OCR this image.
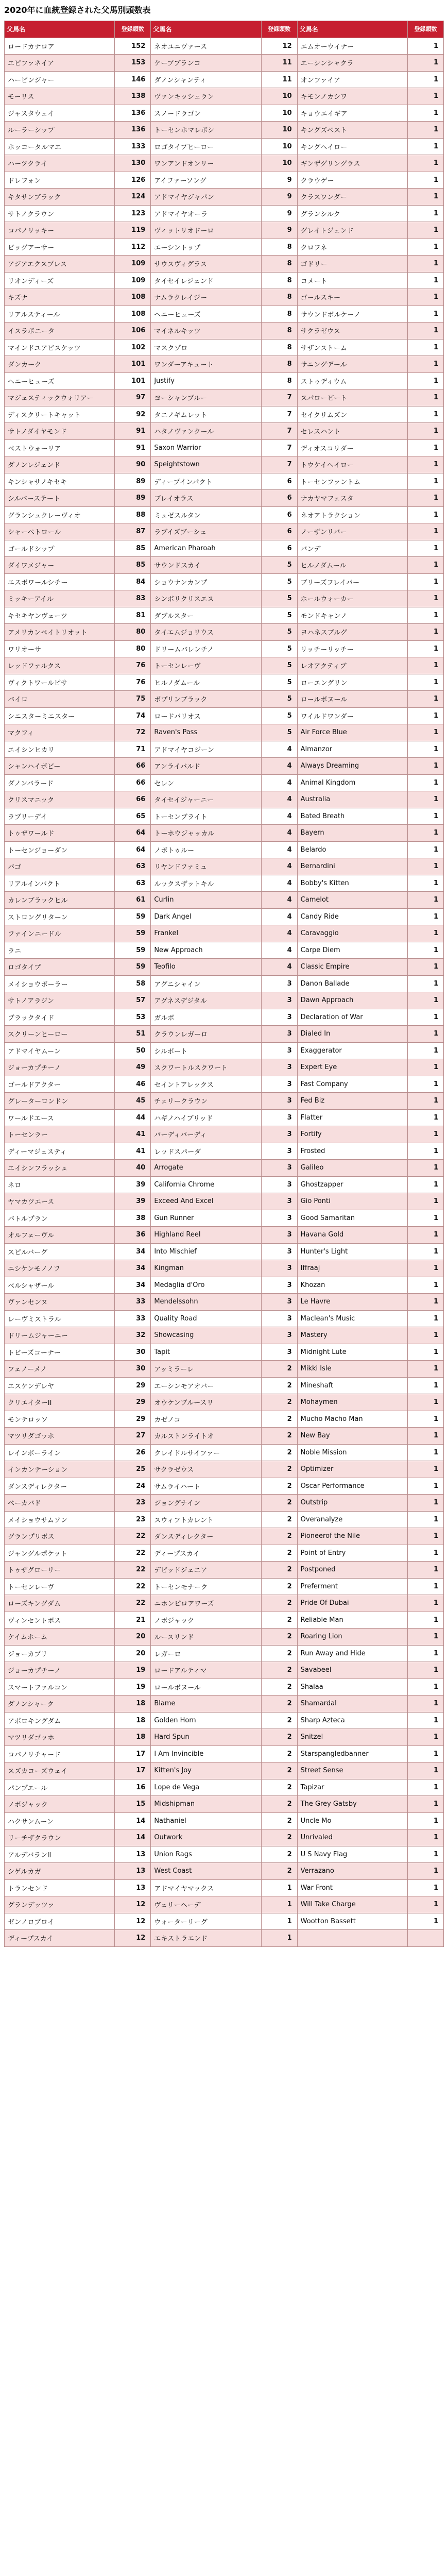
2020年に血統登録された父馬別頭数表
父馬名	登録頭数	父馬名	登録頭数	父馬名	登録頭数
ロードカナロア	152	ネオユニヴァース	12	エムオーウイナー	1
エピファネイア	153	ケープブランコ	11	エーシンシャクラ	1
ハービンジャー	146	ダノンシャンティ	11	オンファイア	1
モーリス	138	ヴァンキッシュラン	10	キモンノカシワ	1
ジャスタウェイ	136	スノードラゴン	10	キョウエイギア	1
ルーラーシップ	136	トーセンホマレボシ	10	キングズベスト	1
ホッコータルマエ	133	ロゴタイプヒーロー	10	キングヘイロー	1
ハーツクライ	130	ワンアンドオンリー	10	ギンザグリングラス	1
ドレフォン	126	アイファーソング	9	クラウゲー	1
キタサンブラック	124	アドマイヤジャパン	9	クラスワンダー	1
サトノクラウン	123	アドマイヤオーラ	9	グランシルク	1
コパノリッキー	119	ヴィットリオドーロ	9	グレイトジェンド	1
ビッグアーサー	112	エーシントップ	8	クロフネ	1
アジアエクスプレス	109	サウスヴィグラス	8	ゴドリー	1
リオンディーズ	109	タイセイレジェンド	8	コメート	1
キズナ	108	ナムラクレイジー	8	ゴールスキー	1
リアルスティール	108	ヘニーヒューズ	8	サウンドボルケーノ	1
イスラボニータ	106	マイネルキッツ	8	サクラゼウス	1
マインドユアビスケッツ	102	マスクゾロ	8	サザンストーム	1
ダンカーク	101	ワンダーアキュート	8	サニングデール	1
ヘニーヒューズ	101	Justify	8	ストゥディウム	1
マジェスティックウォリアー	97	ヨーシャンブルー	7	スパロービート	1
ディスクリートキャット	92	タニノギムレット	7	セイクリムズン	1
サトノダイヤモンド	91	ハタノヴァンクール	7	セレスハント	1
ベストウォーリア	91	Saxon Warrior	7	ディオスコリダー	1
ダノンレジェンド	90	Speightstown	7	トウケイヘイロー	1
キンシャサノキセキ	89	ディープインパクト	6	トーセンファントム	1
シルバーステート	89	ブレイオラス	6	ナカヤマフェスタ	1
グランシュクレーヴィオ	88	ミュゼスルタン	6	ネオアトラクション	1
シャーペトロール	87	ラブイズブーシェ	6	ノーザンリバー	1
ゴールドシップ	85	American Pharoah	6	バンデ	1
ダイワメジャー	85	サウンドスカイ	5	ヒルノダムール	1
エスポワールシチー	84	ショウナンカンプ	5	ブリーズフレイバー	1
ミッキーアイル	83	シンボリクリスエス	5	ホールウォーカー	1
キセキヤンヴェーツ	81	ダブルスター	5	モンドキャンノ	1
アメリカンペイトリオット	80	タイエムジョリウス	5	ヨハネスブルグ	1
ワリオーサ	80	ドリームバレンチノ	5	リッチーリッチー	1
レッドファルクス	76	トーセンレーヴ	5	レオアクティブ	1
ヴィクトワールピサ	76	ヒルノダムール	5	ローエングリン	1
バイロ	75	ポプリンブラック	5	ロールボヌール	1
シニスターミニスター	74	ロードバリオス	5	ワイルドワンダー	1
マクフィ	72	Raven's Pass	5	Air Force Blue	1
エイシンヒカリ	71	アドマイヤコジーン	4	Almanzor	1
シャンハイボビー	66	アンライバルド	4	Always Dreaming	1
ダノンバラード	66	セレン	4	Animal Kingdom	1
クリスマニック	66	タイセイジャーニー	4	Australia	1
ラブリーデイ	65	トーセンブライト	4	Bated Breath	1
トゥザワールド	64	トーホウジャッカル	4	Bayern	1
トーセンジョーダン	64	ノボトゥルー	4	Belardo	1
バゴ	63	リヤンドファミュ	4	Bernardini	1
リアルインパクト	63	ルックスザットキル	4	Bobby's Kitten	1
カレンブラックヒル	61	Curlin	4	Camelot	1
ストロングリターン	59	Dark Angel	4	Candy Ride	1
ファインニードル	59	Frankel	4	Caravaggio	1
ラニ	59	New Approach	4	Carpe Diem	1
ロゴタイプ	59	Teofilo	4	Classic Empire	1
メイショウボーラー	58	アグニシャイン	3	Danon Ballade	1
サトノアラジン	57	アグネスデジタル	3	Dawn Approach	1
ブラックタイド	53	ガルボ	3	Declaration of War	1
スクリーンヒーロー	51	クラウンレガーロ	3	Dialed In	1
アドマイヤムーン	50	シルポート	3	Exaggerator	1
ジョーカプチーノ	49	スクワートルスクワート	3	Expert Eye	1
ゴールドアクター	46	セイントアレックス	3	Fast Company	1
グレーターロンドン	45	チェリークラウン	3	Fed Biz	1
ワールドエース	44	ハギノハイブリッド	3	Flatter	1
トーセンラー	41	バーディバーディ	3	Fortify	1
ディーマジェスティ	41	レッドスパーダ	3	Frosted	1
エイシンフラッシュ	40	Arrogate	3	Galileo	1
ネロ	39	California Chrome	3	Ghostzapper	1
ヤマカツエース	39	Exceed And Excel	3	Gio Ponti	1
バトルプラン	38	Gun Runner	3	Good Samaritan	1
オルフェーヴル	36	Highland Reel	3	Havana Gold	1
スピルバーグ	34	Into Mischief	3	Hunter's Light	1
ニシケンモノノフ	34	Kingman	3	Iffraaj	1
ベルシャザール	34	Medaglia d'Oro	3	Khozan	1
ヴァンセンヌ	33	Mendelssohn	3	Le Havre	1
レーヴミストラル	33	Quality Road	3	Maclean's Music	1
ドリームジャーニー	32	Showcasing	3	Mastery	1
トビーズコーナー	30	Tapit	3	Midnight Lute	1
フェノーメノ	30	アッミラーレ	2	Mikki Isle	1
エスケンデレヤ	29	エーシンモアオバー	2	Mineshaft	1
クリエイターII	29	オウケンブルースリ	2	Mohaymen	1
モンテロッソ	29	カゼノコ	2	Mucho Macho Man	1
マツリダゴッホ	27	カルストンライトオ	2	New Bay	1
レインボーライン	26	クレイドルサイファー	2	Noble Mission	1
インカンテーション	25	サクラゼウス	2	Optimizer	1
ダンスディレクター	24	サムライハート	2	Oscar Performance	1
ベーカバド	23	ジョングナイン	2	Outstrip	1
メイショウサムソン	23	スウィフトカレント	2	Overanalyze	1
グランプリボス	22	ダンスディレクター	2	Pioneerof the Nile	1
ジャングルポケット	22	ディープスカイ	2	Point of Entry	1
トゥザグローリー	22	デビッドジェニア	2	Postponed	1
トーセンレーヴ	22	トーセンモナーク	2	Preferment	1
ローズキングダム	22	ニホンピロアワーズ	2	Pride Of Dubai	1
ヴィンセントボス	21	ノボジャック	2	Reliable Man	1
ケイムホーム	20	ルースリンド	2	Roaring Lion	1
ジョーカプリ	20	レガーロ	2	Run Away and Hide	1
ジョーカプチーノ	19	ロードアルティマ	2	Savabeel	1
スマートファルコン	19	ロールボヌール	2	Shalaa	1
ダノンシャーク	18	Blame	2	Shamardal	1
アポロキングダム	18	Golden Horn	2	Sharp Azteca	1
マツリダゴッホ	18	Hard Spun	2	Snitzel	1
コパノリチャード	17	I Am Invincible	2	Starspangledbanner	1
スズカコーズウェイ	17	Kitten's Joy	2	Street Sense	1
パンプエール	16	Lope de Vega	2	Tapizar	1
ノボジャック	15	Midshipman	2	The Grey Gatsby	1
ハクサンムーン	14	Nathaniel	2	Uncle Mo	1
リーチザクラウン	14	Outwork	2	Unrivaled	1
アルデバランII	13	Union Rags	2	U S Navy Flag	1
シゲルカガ	13	West Coast	2	Verrazano	1
トランセンド	13	アドマイヤマックス	1	War Front	1
グランデッツァ	12	ヴェリーヘーデ	1	Will Take Charge	1
ゼンノロブロイ	12	ウォーターリーグ	1	Wootton Bassett	1
ディープスカイ	12	エキストラエンド	1		
